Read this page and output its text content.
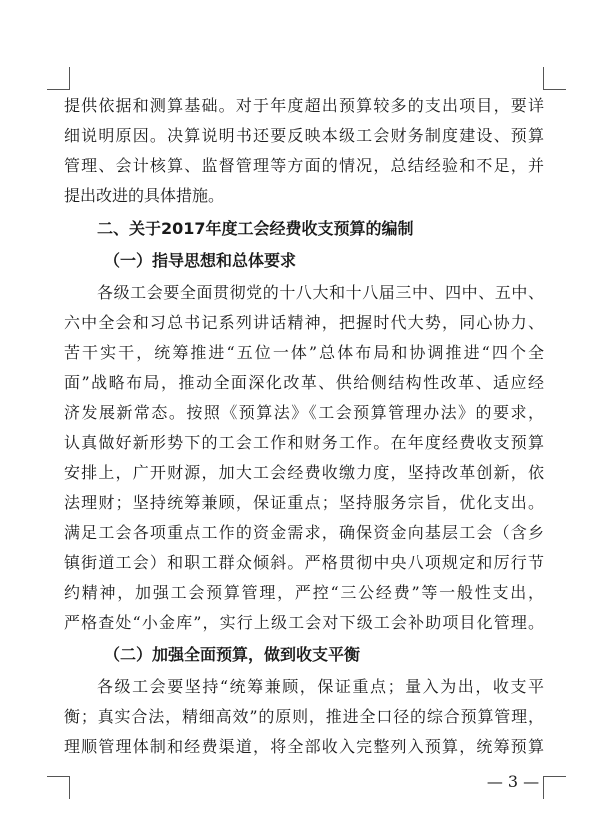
提供依据和测算基础。对于年度超出预算较多的支出项目，要详
细说明原因。决算说明书还要反映本级工会财务制度建设、预算
管理、会计核算、监督管理等方面的情况，总结经验和不足，并
提出改进的具体措施。
二、关于2017年度工会经费收支预算的编制
（一）指导思想和总体要求
各级工会要全面贯彻党的十八大和十八届三中、四中、五中、
六中全会和习总书记系列讲话精神，把握时代大势，同心协力、
苦干实干，统筹推进“五位一体”总体布局和协调推进“四个全
面”战略布局，推动全面深化改革、供给侧结构性改革、适应经
济发展新常态。按照《预算法》《工会预算管理办法》的要求，
认真做好新形势下的工会工作和财务工作。在年度经费收支预算
安排上，广开财源，加大工会经费收缴力度，坚持改革创新，依
法理财；坚持统筹兼顾，保证重点；坚持服务宗旨，优化支出。
满足工会各项重点工作的资金需求，确保资金向基层工会（含乡
镇街道工会）和职工群众倾斜。严格贯彻中央八项规定和厉行节
约精神，加强工会预算管理，严控“三公经费”等一般性支出，
严格查处“小金库”，实行上级工会对下级工会补助项目化管理。
（二）加强全面预算，做到收支平衡
各级工会要坚持“统筹兼顾，保证重点；量入为出，收支平
衡；真实合法，精细高效”的原则，推进全口径的综合预算管理，
理顺管理体制和经费渠道，将全部收入完整列入预算，统筹预算
— 3 —
